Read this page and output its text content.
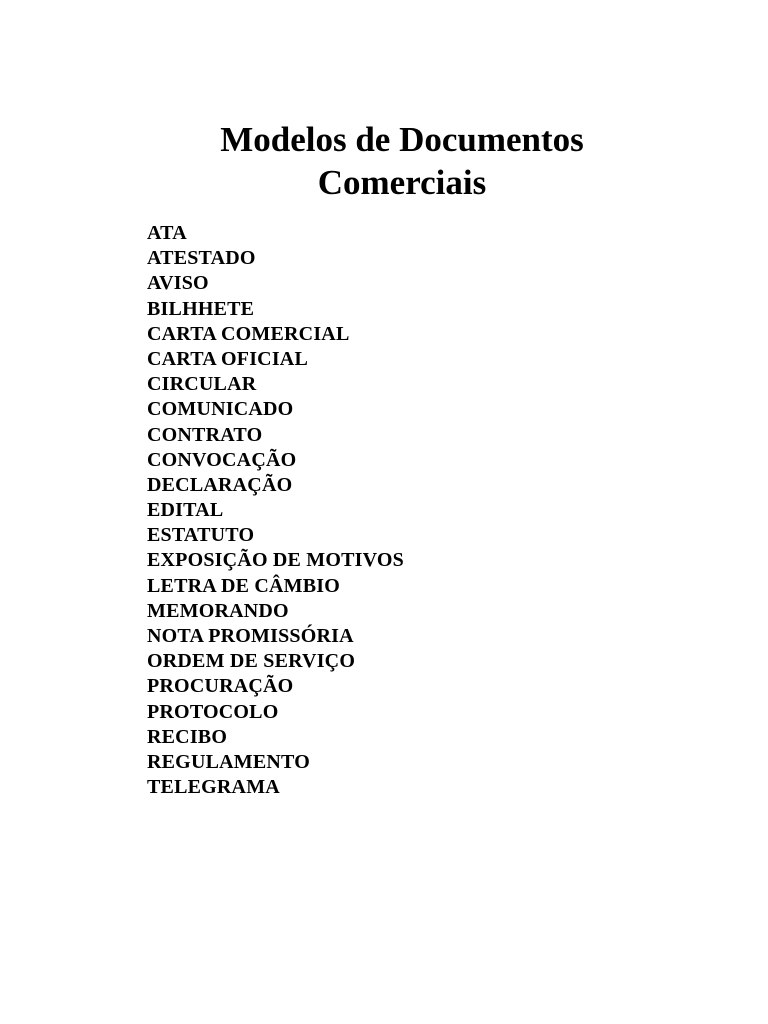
Modelos de Documentos
Comerciais
ATA
ATESTADO
AVISO
BILHHETE
CARTA COMERCIAL
CARTA OFICIAL
CIRCULAR
COMUNICADO
CONTRATO
CONVOCAÇÃO
DECLARAÇÃO
EDITAL
ESTATUTO
EXPOSIÇÃO DE MOTIVOS
LETRA DE CÂMBIO
MEMORANDO
NOTA PROMISSÓRIA
ORDEM DE SERVIÇO
PROCURAÇÃO
PROTOCOLO
RECIBO
REGULAMENTO
TELEGRAMA
